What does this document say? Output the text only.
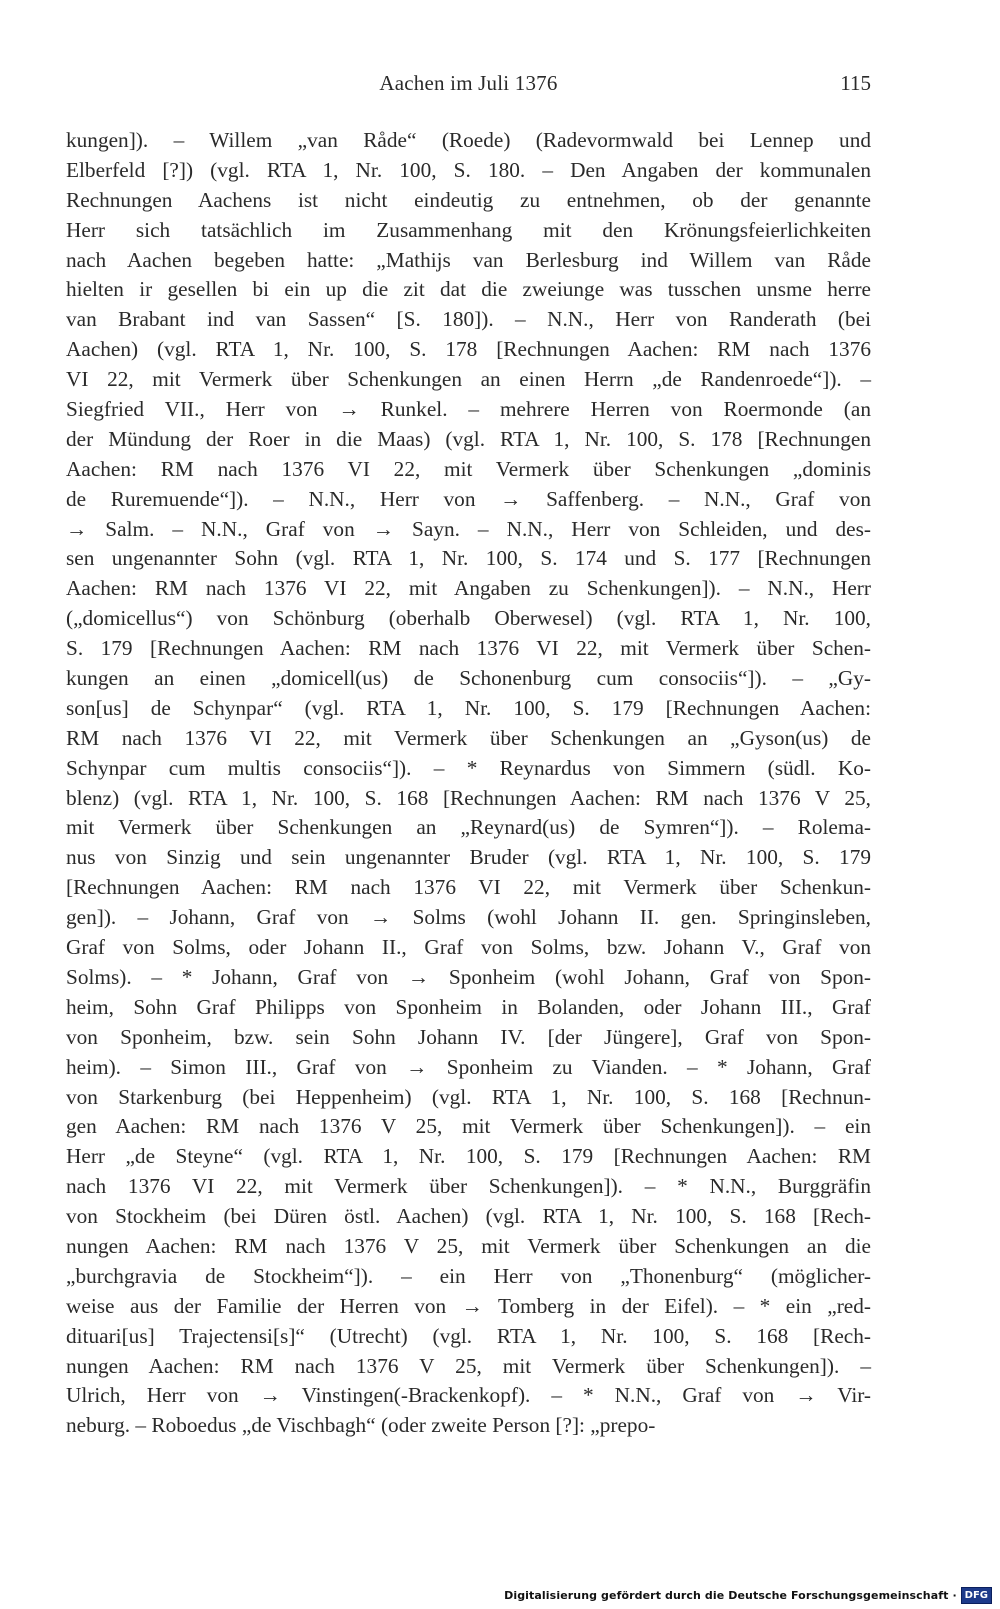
Aachen im Juli 1376	115
kungen]). – Willem „van Råde“ (Roede) (Radevormwald bei Lennep und
Elberfeld [?]) (vgl. RTA 1, Nr. 100, S. 180. – Den Angaben der kommunalen
Rechnungen Aachens ist nicht eindeutig zu entnehmen, ob der genannte
Herr sich tatsächlich im Zusammenhang mit den Krönungsfeierlichkeiten
nach Aachen begeben hatte: „Mathijs van Berlesburg ind Willem van Råde
hielten ir gesellen bi ein up die zit dat die zweiunge was tusschen unsme herre
van Brabant ind van Sassen“ [S. 180]). – N.N., Herr von Randerath (bei
Aachen) (vgl. RTA 1, Nr. 100, S. 178 [Rechnungen Aachen: RM nach 1376
VI 22, mit Vermerk über Schenkungen an einen Herrn „de Randenroede“]). –
Siegfried VII., Herr von → Runkel. – mehrere Herren von Roermonde (an
der Mündung der Roer in die Maas) (vgl. RTA 1, Nr. 100, S. 178 [Rechnungen
Aachen: RM nach 1376 VI 22, mit Vermerk über Schenkungen „dominis
de Ruremuende“]). – N.N., Herr von → Saffenberg. – N.N., Graf von
→ Salm. – N.N., Graf von → Sayn. – N.N., Herr von Schleiden, und des-
sen ungenannter Sohn (vgl. RTA 1, Nr. 100, S. 174 und S. 177 [Rechnungen
Aachen: RM nach 1376 VI 22, mit Angaben zu Schenkungen]). – N.N., Herr
(„domicellus“) von Schönburg (oberhalb Oberwesel) (vgl. RTA 1, Nr. 100,
S. 179 [Rechnungen Aachen: RM nach 1376 VI 22, mit Vermerk über Schen-
kungen an einen „domicell(us) de Schonenburg cum consociis“]). – „Gy-
son[us] de Schynpar“ (vgl. RTA 1, Nr. 100, S. 179 [Rechnungen Aachen:
RM nach 1376 VI 22, mit Vermerk über Schenkungen an „Gyson(us) de
Schynpar cum multis consociis“]). – * Reynardus von Simmern (südl. Ko-
blenz) (vgl. RTA 1, Nr. 100, S. 168 [Rechnungen Aachen: RM nach 1376 V 25,
mit Vermerk über Schenkungen an „Reynard(us) de Symren“]). – Rolema-
nus von Sinzig und sein ungenannter Bruder (vgl. RTA 1, Nr. 100, S. 179
[Rechnungen Aachen: RM nach 1376 VI 22, mit Vermerk über Schenkun-
gen]). – Johann, Graf von → Solms (wohl Johann II. gen. Springinsleben,
Graf von Solms, oder Johann II., Graf von Solms, bzw. Johann V., Graf von
Solms). – * Johann, Graf von → Sponheim (wohl Johann, Graf von Spon-
heim, Sohn Graf Philipps von Sponheim in Bolanden, oder Johann III., Graf
von Sponheim, bzw. sein Sohn Johann IV. [der Jüngere], Graf von Spon-
heim). – Simon III., Graf von → Sponheim zu Vianden. – * Johann, Graf
von Starkenburg (bei Heppenheim) (vgl. RTA 1, Nr. 100, S. 168 [Rechnun-
gen Aachen: RM nach 1376 V 25, mit Vermerk über Schenkungen]). – ein
Herr „de Steyne“ (vgl. RTA 1, Nr. 100, S. 179 [Rechnungen Aachen: RM
nach 1376 VI 22, mit Vermerk über Schenkungen]). – * N.N., Burggräfin
von Stockheim (bei Düren östl. Aachen) (vgl. RTA 1, Nr. 100, S. 168 [Rech-
nungen Aachen: RM nach 1376 V 25, mit Vermerk über Schenkungen an die
„burchgravia de Stockheim“]). – ein Herr von „Thonenburg“ (möglicher-
weise aus der Familie der Herren von → Tomberg in der Eifel). – * ein „red-
dituari[us] Trajectensi[s]“ (Utrecht) (vgl. RTA 1, Nr. 100, S. 168 [Rech-
nungen Aachen: RM nach 1376 V 25, mit Vermerk über Schenkungen]). –
Ulrich, Herr von → Vinstingen(-Brackenkopf). – * N.N., Graf von → Vir-
neburg. – Roboedus „de Vischbagh“ (oder zweite Person [?]: „prepo-
Digitalisierung gefördert durch die Deutsche Forschungsgemeinschaft · DFG
